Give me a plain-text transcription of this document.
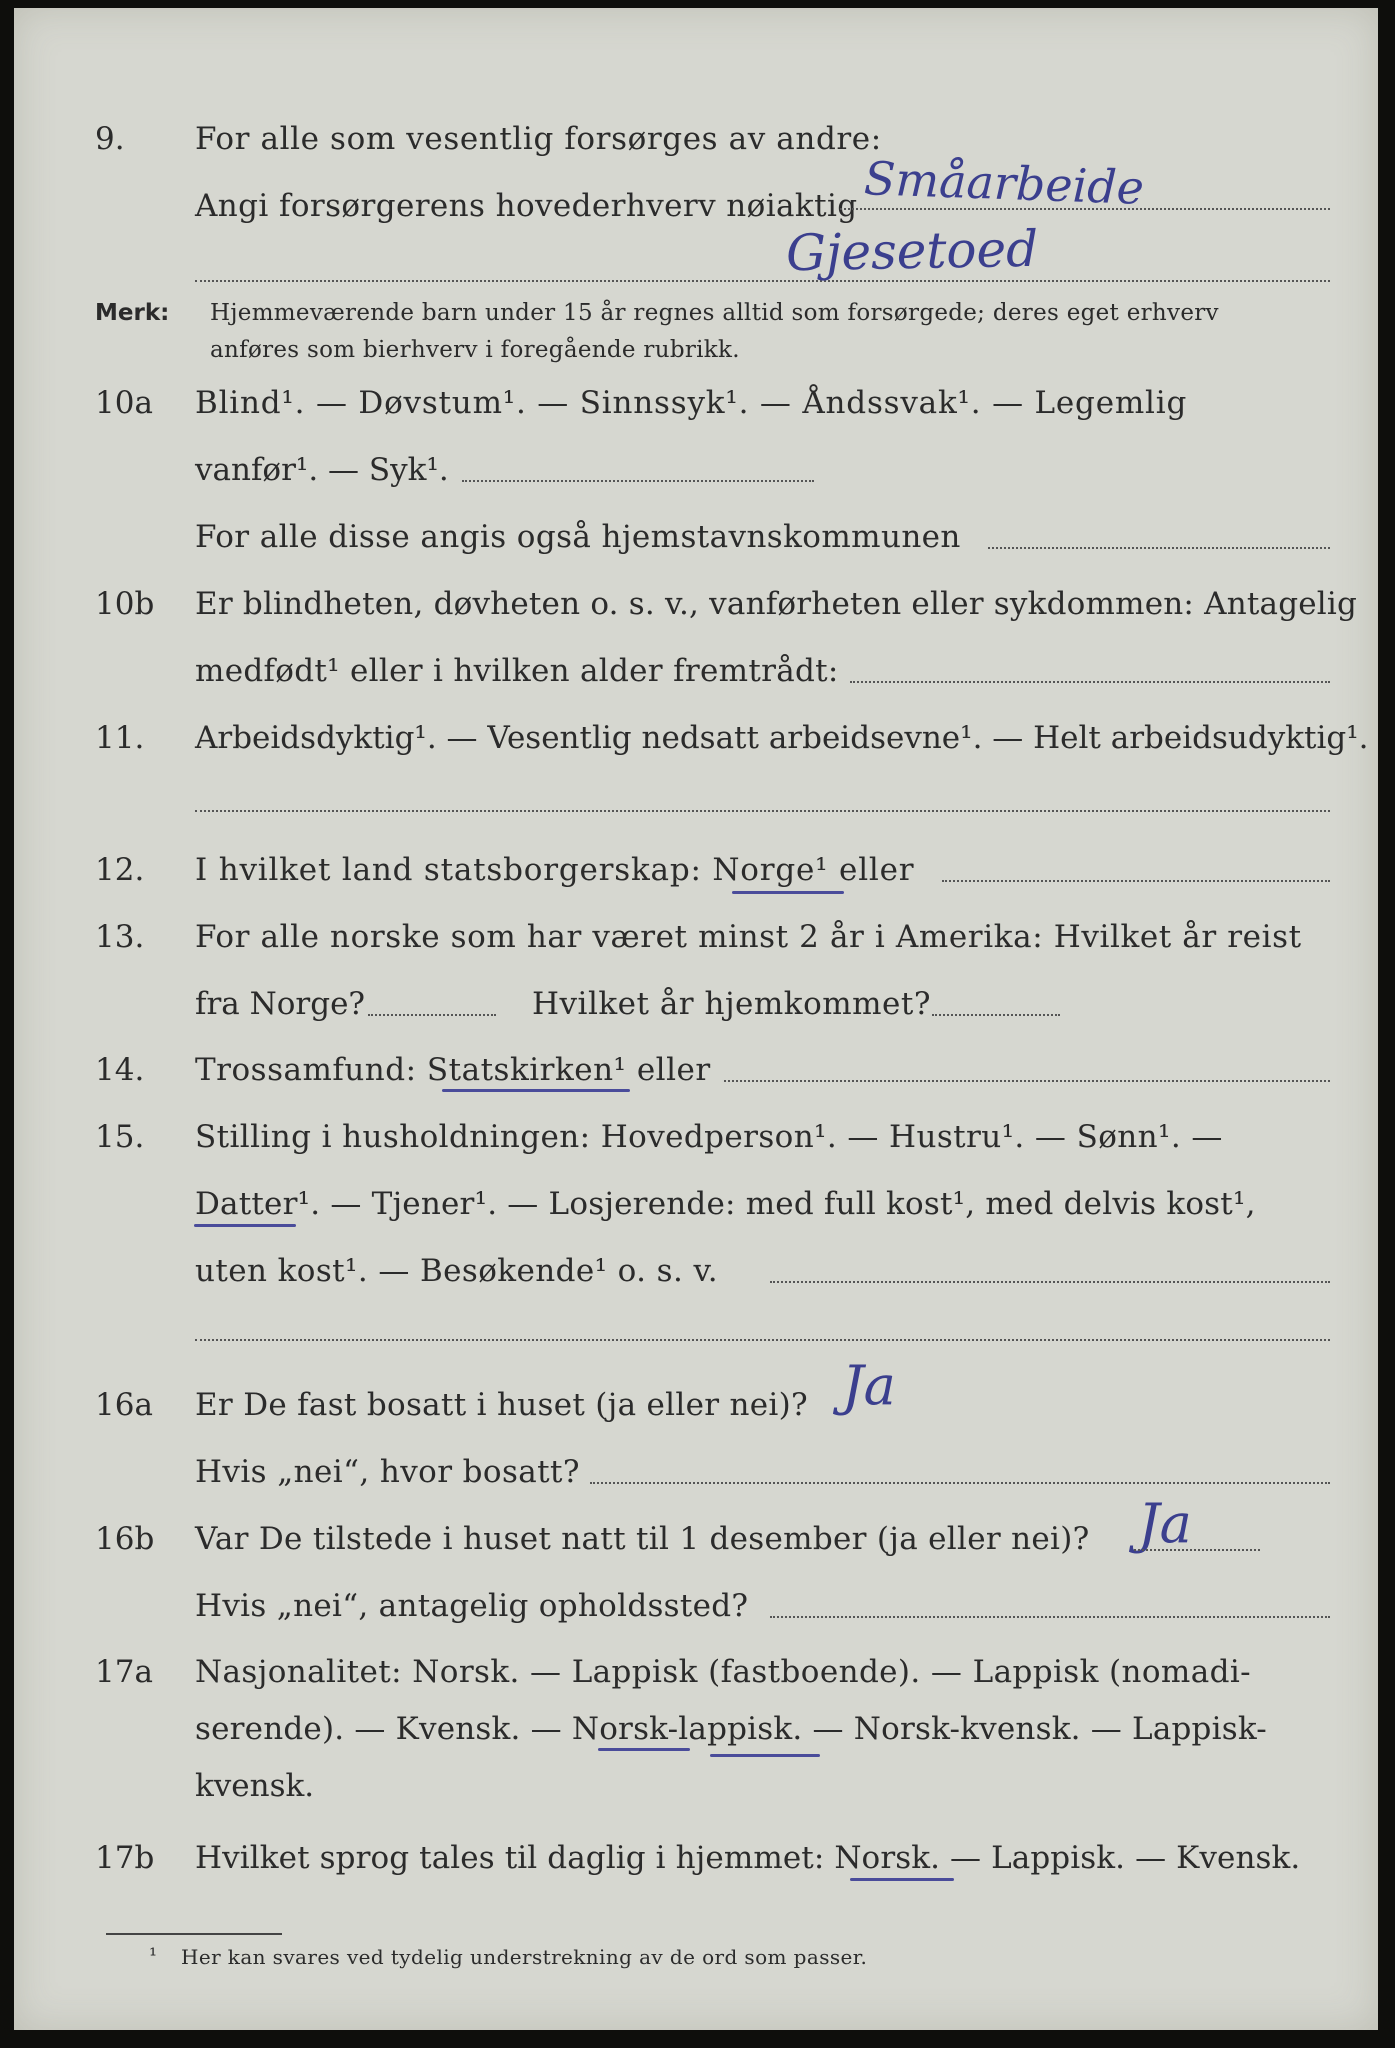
9. For alle som vesentlig forsørges av andre:
Angi forsørgerens hovederhverv nøiaktig Småarbeide
Gjesetoed
Merk: Hjemmeværende barn under 15 år regnes alltid som forsørgede; deres eget erhverv
anføres som bierhverv i foregående rubrikk.
10a Blind¹. — Døvstum¹. — Sinnssyk¹. — Åndssvak¹. — Legemlig
vanfør¹. — Syk¹.
For alle disse angis også hjemstavnskommunen
10b Er blindheten, døvheten o. s. v., vanførheten eller sykdommen: Antagelig
medfødt¹ eller i hvilken alder fremtrådt:
11. Arbeidsdyktig¹. — Vesentlig nedsatt arbeidsevne¹. — Helt arbeidsudyktig¹.
12. I hvilket land statsborgerskap: Norge¹ eller
13. For alle norske som har været minst 2 år i Amerika: Hvilket år reist
fra Norge?	Hvilket år hjemkommet?
14. Trossamfund: Statskirken¹ eller
15. Stilling i husholdningen: Hovedperson¹. — Hustru¹. — Sønn¹. —
Datter¹. — Tjener¹. — Losjerende: med full kost¹, med delvis kost¹,
uten kost¹. — Besøkende¹ o. s. v.
16a Er De fast bosatt i huset (ja eller nei)? Ja
Hvis „nei“, hvor bosatt?
16b Var De tilstede i huset natt til 1 desember (ja eller nei)? Ja
Hvis „nei“, antagelig opholdssted?
17a Nasjonalitet: Norsk. — Lappisk (fastboende). — Lappisk (nomadi-
serende). — Kvensk. — Norsk-lappisk. — Norsk-kvensk. — Lappisk-
kvensk.
17b Hvilket sprog tales til daglig i hjemmet: Norsk. — Lappisk. — Kvensk.
¹ Her kan svares ved tydelig understrekning av de ord som passer.
